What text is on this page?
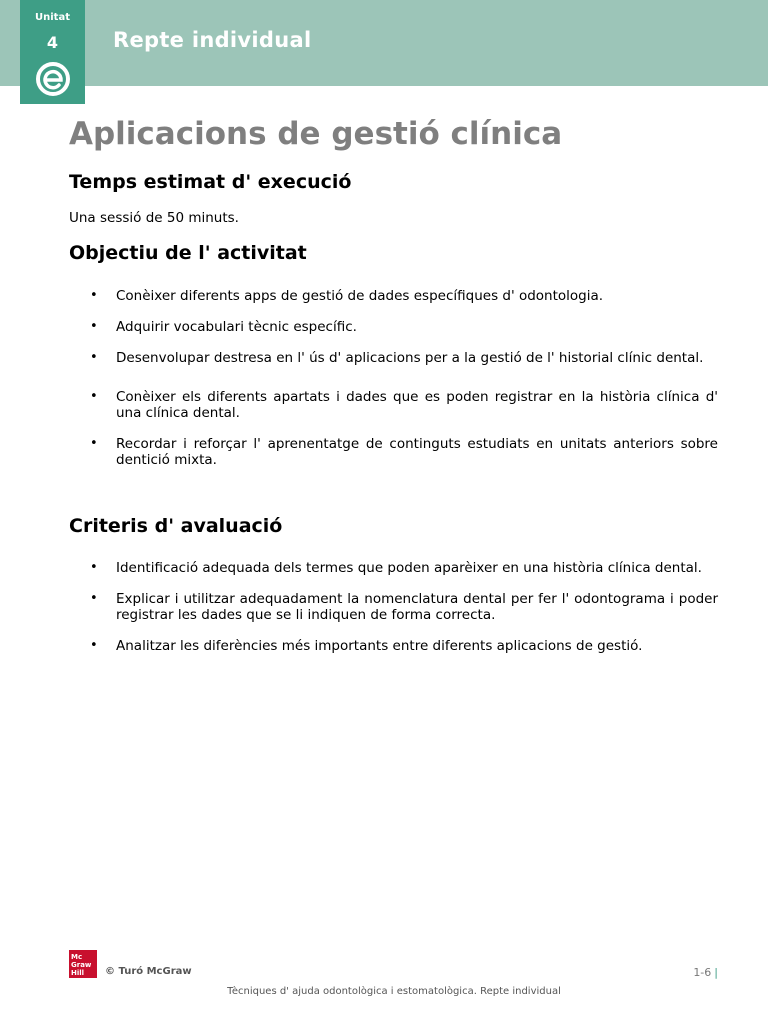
Unitat
4	Repte individual
Aplicacions de gestió clínica
Temps estimat d' execució

Una sessió de 50 minuts.

Objectiu de l' activitat
• Conèixer diferents apps de gestió de dades específiques d' odontologia.
• Adquirir vocabulari tècnic específic.
• Desenvolupar destresa en l' ús d' aplicacions per a la gestió de l' historial clínic dental.
• Conèixer els diferents apartats i dades que es poden registrar en la història clínica d' una clínica dental.
• Recordar i reforçar l' aprenentatge de continguts estudiats en unitats anteriors sobre dentició mixta.
Criteris d' avaluació
• Identificació adequada dels termes que poden aparèixer en una història clínica dental.
• Explicar i utilitzar adequadament la nomenclatura dental per fer l' odontograma i poder registrar les dades que se li indiquen de forma correcta.
• Analitzar les diferències més importants entre diferents aplicacions de gestió.
Mc
Graw
Hill	© Turó McGraw	1-6 |
Tècniques d' ajuda odontològica i estomatològica. Repte individual
